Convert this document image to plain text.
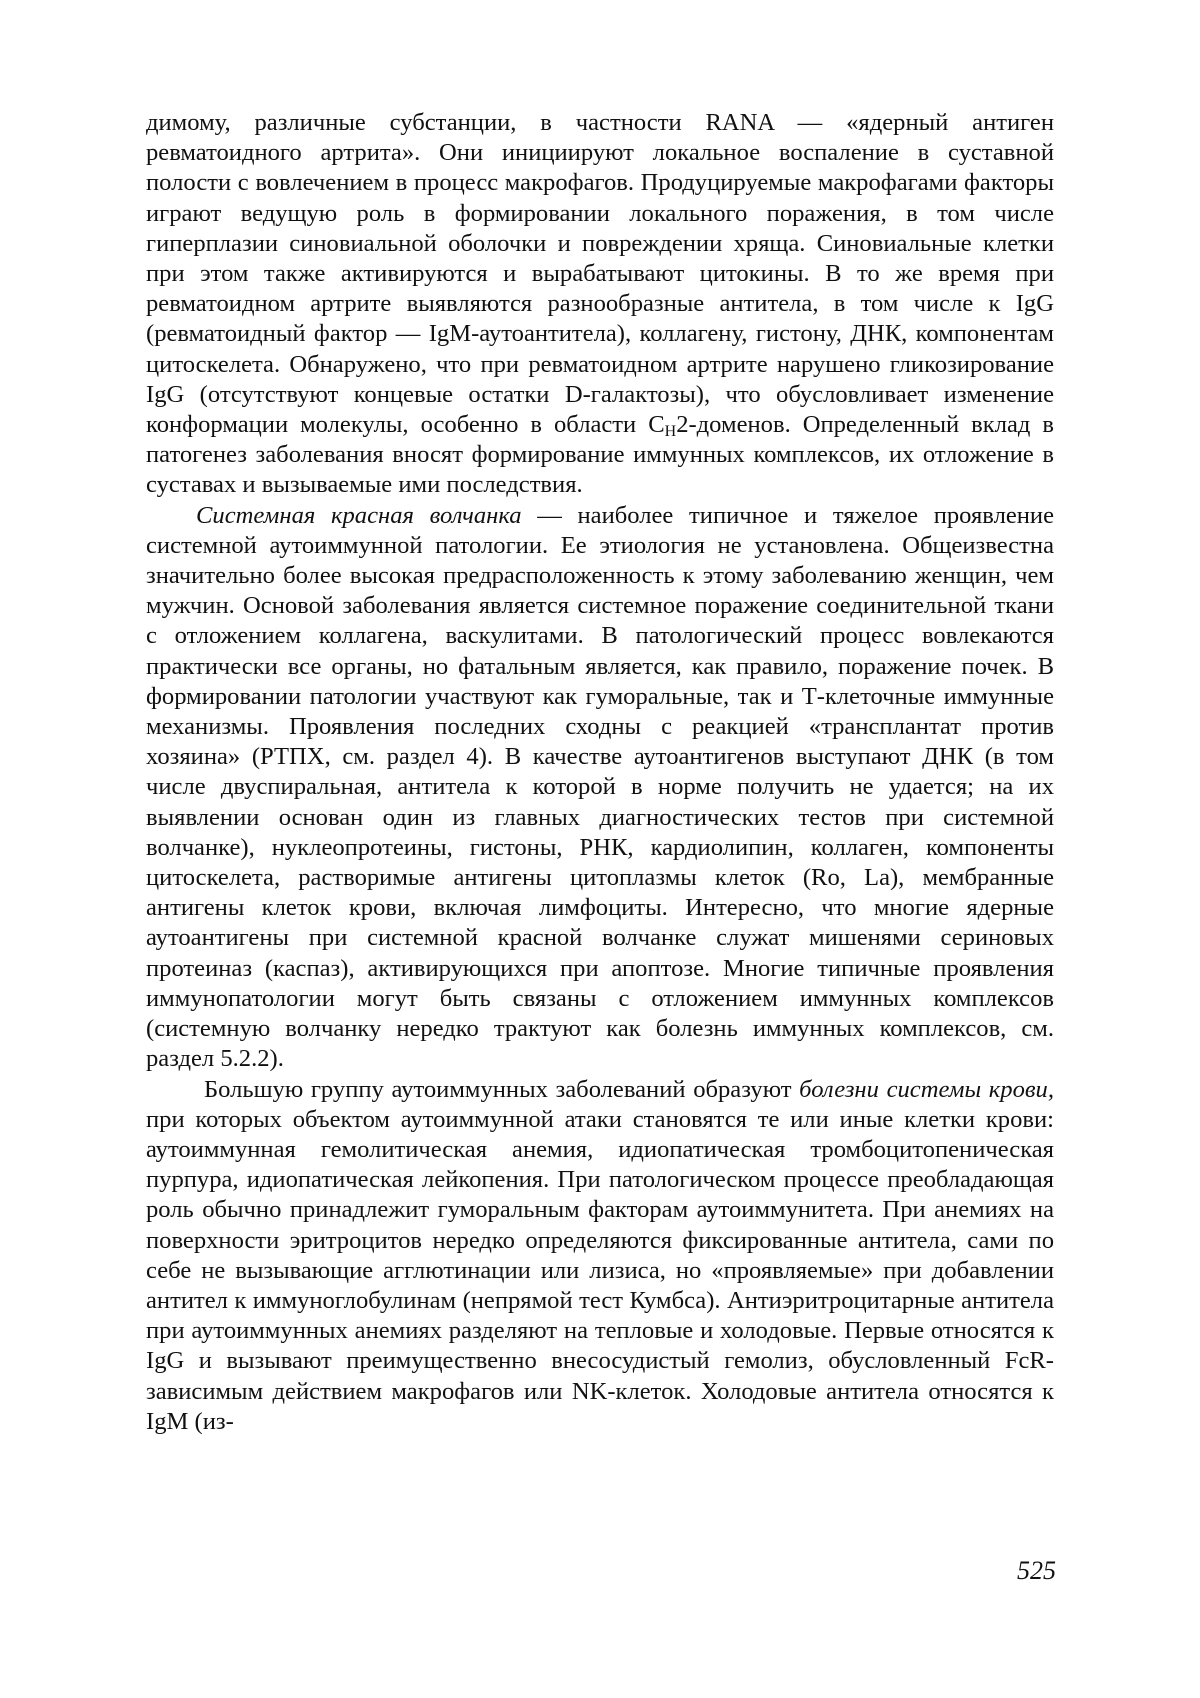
димому, различные субстанции, в частности RANA — «ядерный антиген ревматоидного артрита». Они инициируют локальное воспаление в суставной полости с вовлечением в процесс макрофагов. Продуцируемые макрофагами факторы играют ведущую роль в формировании локального поражения, в том числе гиперплазии синовиальной оболочки и повреждении хряща. Синовиальные клетки при этом также активируются и вырабатывают цитокины. В то же время при ревматоидном артрите выявляются разнообразные антитела, в том числе к IgG (ревматоидный фактор — IgM-аутоантитела), коллагену, гистону, ДНК, компонентам цитоскелета. Обнаружено, что при ревматоидном артрите нарушено гликозирование IgG (отсутствуют концевые остатки D-галактозы), что обусловливает изменение конформации молекулы, особенно в области $C_H2$-доменов. Определенный вклад в патогенез заболевания вносят формирование иммунных комплексов, их отложение в суставах и вызываемые ими последствия.

Системная красная волчанка — наиболее типичное и тяжелое проявление системной аутоиммунной патологии. Ее этиология не установлена. Общеизвестна значительно более высокая предрасположенность к этому заболеванию женщин, чем мужчин. Основой заболевания является системное поражение соединительной ткани с отложением коллагена, васкулитами. В патологический процесс вовлекаются практически все органы, но фатальным является, как правило, поражение почек. В формировании патологии участвуют как гуморальные, так и Т-клеточные иммунные механизмы. Проявления последних сходны с реакцией «трансплантат против хозяина» (РТПХ, см. раздел 4). В качестве аутоантигенов выступают ДНК (в том числе двуспиральная, антитела к которой в норме получить не удается; на их выявлении основан один из главных диагностических тестов при системной волчанке), нуклеопротеины, гистоны, РНК, кардиолипин, коллаген, компоненты цитоскелета, растворимые антигены цитоплазмы клеток (Ro, La), мембранные антигены клеток крови, включая лимфоциты. Интересно, что многие ядерные аутоантигены при системной красной волчанке служат мишенями сериновых протеиназ (каспаз), активирующихся при апоптозе. Многие типичные проявления иммунопатологии могут быть связаны с отложением иммунных комплексов (системную волчанку нередко трактуют как болезнь иммунных комплексов, см. раздел 5.2.2).

Большую группу аутоиммунных заболеваний образуют болезни системы крови, при которых объектом аутоиммунной атаки становятся те или иные клетки крови: аутоиммунная гемолитическая анемия, идиопатическая тромбоцитопеническая пурпура, идиопатическая лейкопения. При патологическом процессе преобладающая роль обычно принадлежит гуморальным факторам аутоиммунитета. При анемиях на поверхности эритроцитов нередко определяются фиксированные антитела, сами по себе не вызывающие агглютинации или лизиса, но «проявляемые» при добавлении антител к иммуноглобулинам (непрямой тест Кумбса). Антиэритроцитарные антитела при аутоиммунных анемиях разделяют на тепловые и холодовые. Первые относятся к IgG и вызывают преимущественно внесосудистый гемолиз, обусловленный FcR-зависимым действием макрофагов или NK-клеток. Холодовые антитела относятся к IgM (из-

525
